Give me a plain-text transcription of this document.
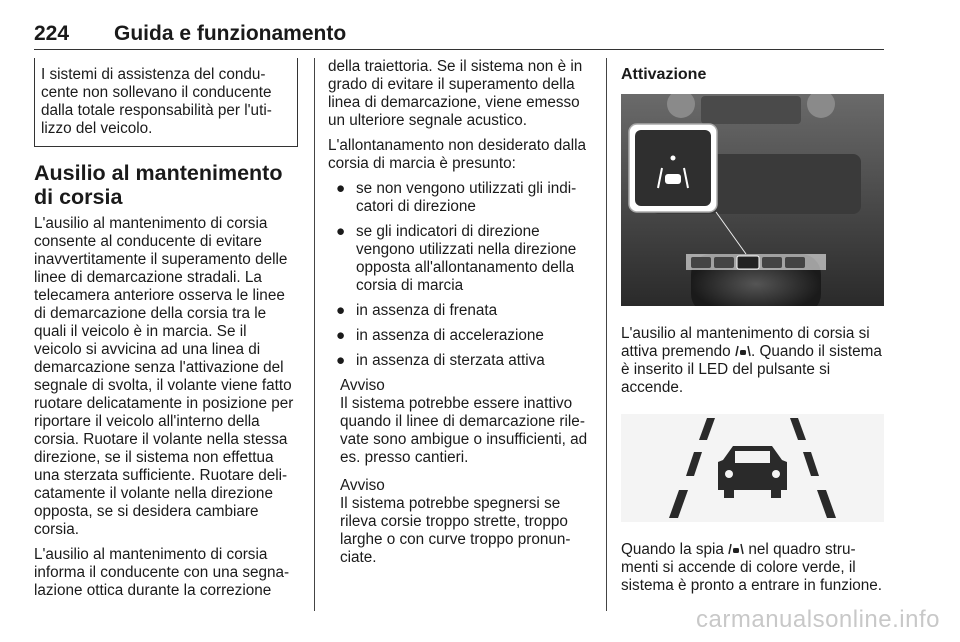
224 Guida e funzionamento
I sistemi di assistenza del conducente non sollevano il conducente dalla totale responsabilità per l'utilizzo del veicolo.
Ausilio al mantenimento di corsia

L'ausilio al mantenimento di corsia consente al conducente di evitare inavvertitamente il superamento delle linee di demarcazione stradali. La telecamera anteriore osserva le linee di demarcazione della corsia tra le quali il veicolo è in marcia. Se il veicolo si avvicina ad una linea di demarcazione senza l'attivazione del segnale di svolta, il volante viene fatto ruotare delicatamente in posizione per riportare il veicolo all'interno della corsia. Ruotare il volante nella stessa direzione, se il sistema non effettua una sterzata sufficiente. Ruotare delicatamente il volante nella direzione opposta, se si desidera cambiare corsia.

L'ausilio al mantenimento di corsia informa il conducente con una segnalazione ottica durante la correzione

della traiettoria. Se il sistema non è in grado di evitare il superamento della linea di demarcazione, viene emesso un ulteriore segnale acustico.

L'allontanamento non desiderato dalla corsia di marcia è presunto:

● se non vengono utilizzati gli indicatori di direzione
● se gli indicatori di direzione vengono utilizzati nella direzione opposta all'allontanamento della corsia di marcia
● in assenza di frenata
● in assenza di accelerazione
● in assenza di sterzata attiva
Avviso
Il sistema potrebbe essere inattivo quando il linee di demarcazione rilevate sono ambigue o insufficienti, ad es. presso cantieri.
Avviso
Il sistema potrebbe spegnersi se rileva corsie troppo strette, troppo larghe o con curve troppo pronunciate.
Attivazione

L'ausilio al mantenimento di corsia si attiva premendo . Quando il sistema è inserito il LED del pulsante si accende.

Quando la spia  nel quadro strumenti si accende di colore verde, il sistema è pronto a entrare in funzione.

carmanualsonline.info
